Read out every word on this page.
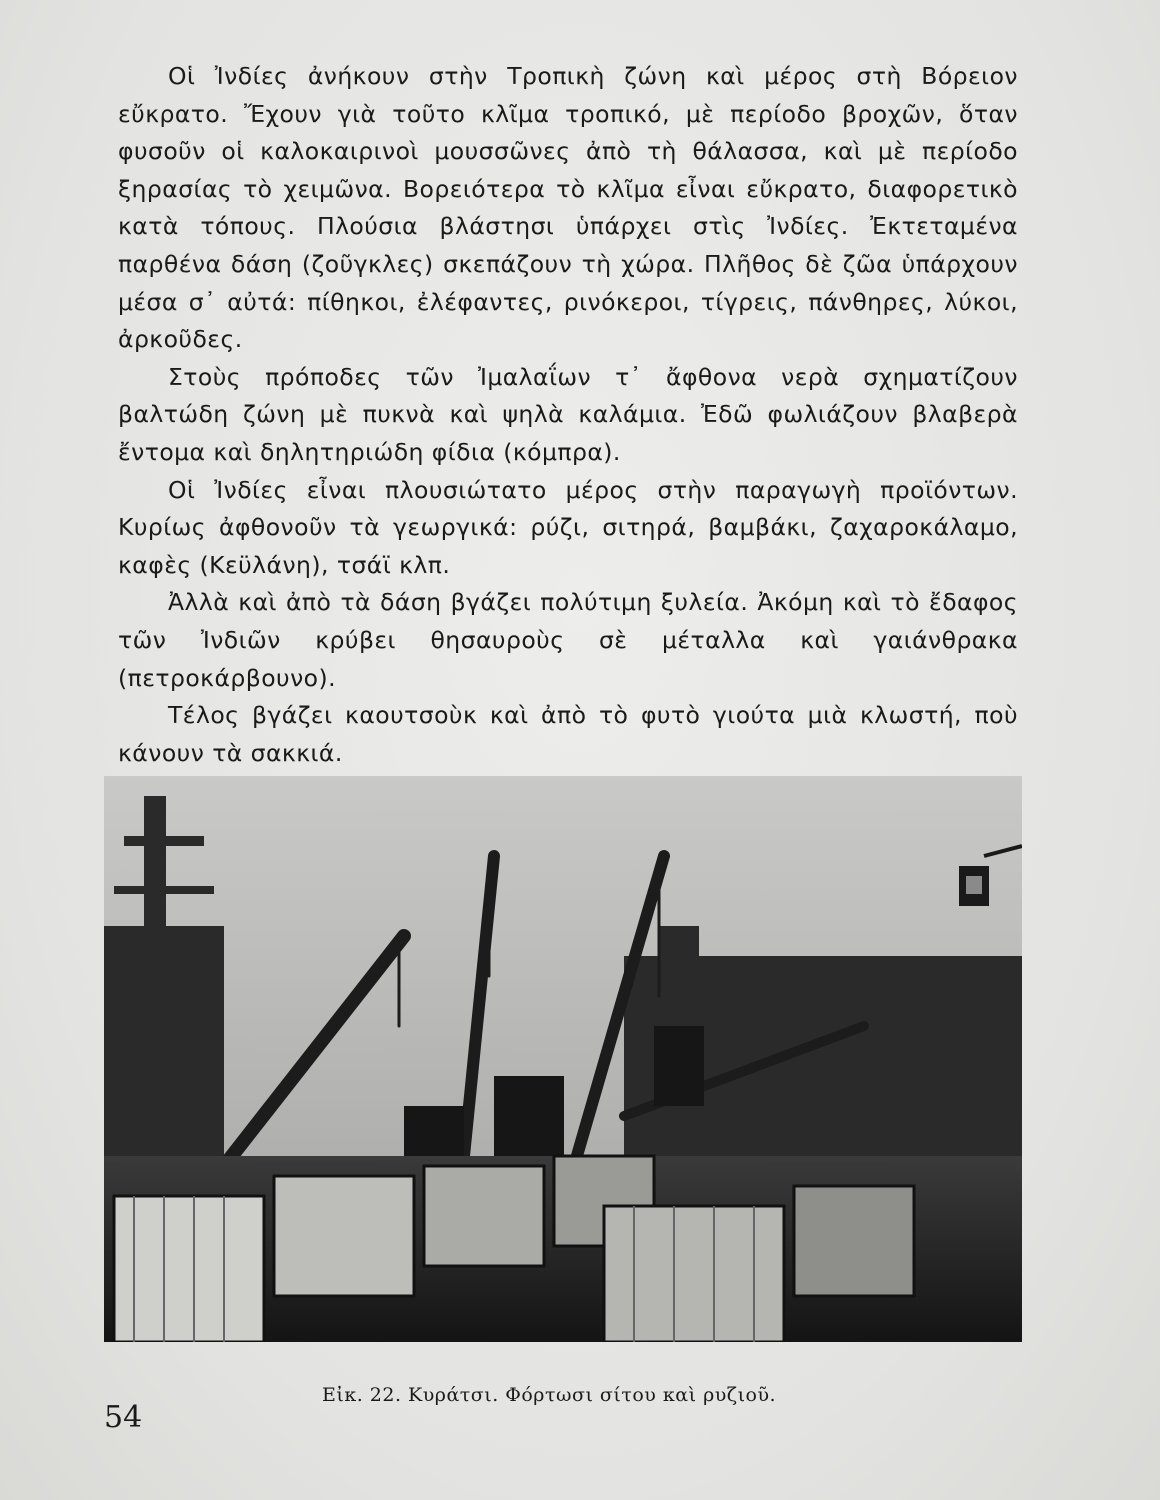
Οἱ Ἰνδίες ἀνήκουν στὴν Τροπικὴ ζώνη καὶ μέρος στὴ Βόρειον εὔκρατο. Ἔχουν γιὰ τοῦτο κλῖμα τροπικό, μὲ περίοδο βροχῶν, ὅταν φυσοῦν οἱ καλοκαιρινοὶ μουσσῶνες ἀπὸ τὴ θάλασσα, καὶ μὲ περίοδο ξηρασίας τὸ χειμῶνα. Βορειότερα τὸ κλῖμα εἶναι εὔκρατο, διαφορετικὸ κατὰ τόπους. Πλούσια βλάστησι ὑπάρχει στὶς Ἰνδίες. Ἐκτεταμένα παρθένα δάση (ζοῦγκλες) σκεπάζουν τὴ χώρα. Πλῆθος δὲ ζῶα ὑπάρχουν μέσα σ᾿ αὐτά: πίθηκοι, ἐλέφαντες, ρινόκεροι, τίγρεις, πάνθηρες, λύκοι, ἀρκοῦδες.

Στοὺς πρόποδες τῶν Ἰμαλαΐων τ᾿ ἄφθονα νερὰ σχηματίζουν βαλτώδη ζώνη μὲ πυκνὰ καὶ ψηλὰ καλάμια. Ἐδῶ φωλιάζουν βλαβερὰ ἔντομα καὶ δηλητηριώδη φίδια (κόμπρα).

Οἱ Ἰνδίες εἶναι πλουσιώτατο μέρος στὴν παραγωγὴ προϊόντων. Κυρίως ἀφθονοῦν τὰ γεωργικά: ρύζι, σιτηρά, βαμβάκι, ζαχαροκάλαμο, καφὲς (Κεϋλάνη), τσάϊ κλπ.

Ἀλλὰ καὶ ἀπὸ τὰ δάση βγάζει πολύτιμη ξυλεία. Ἀκόμη καὶ τὸ ἔδαφος τῶν Ἰνδιῶν κρύβει θησαυροὺς σὲ μέταλλα καὶ γαιάνθρακα (πετροκάρβουνο).

Τέλος βγάζει καουτσοὺκ καὶ ἀπὸ τὸ φυτὸ γιούτα μιὰ κλωστή, ποὺ κάνουν τὰ σακκιά.

Εἰκ. 22. Κυράτσι. Φόρτωσι σίτου καὶ ρυζιοῦ.
54
